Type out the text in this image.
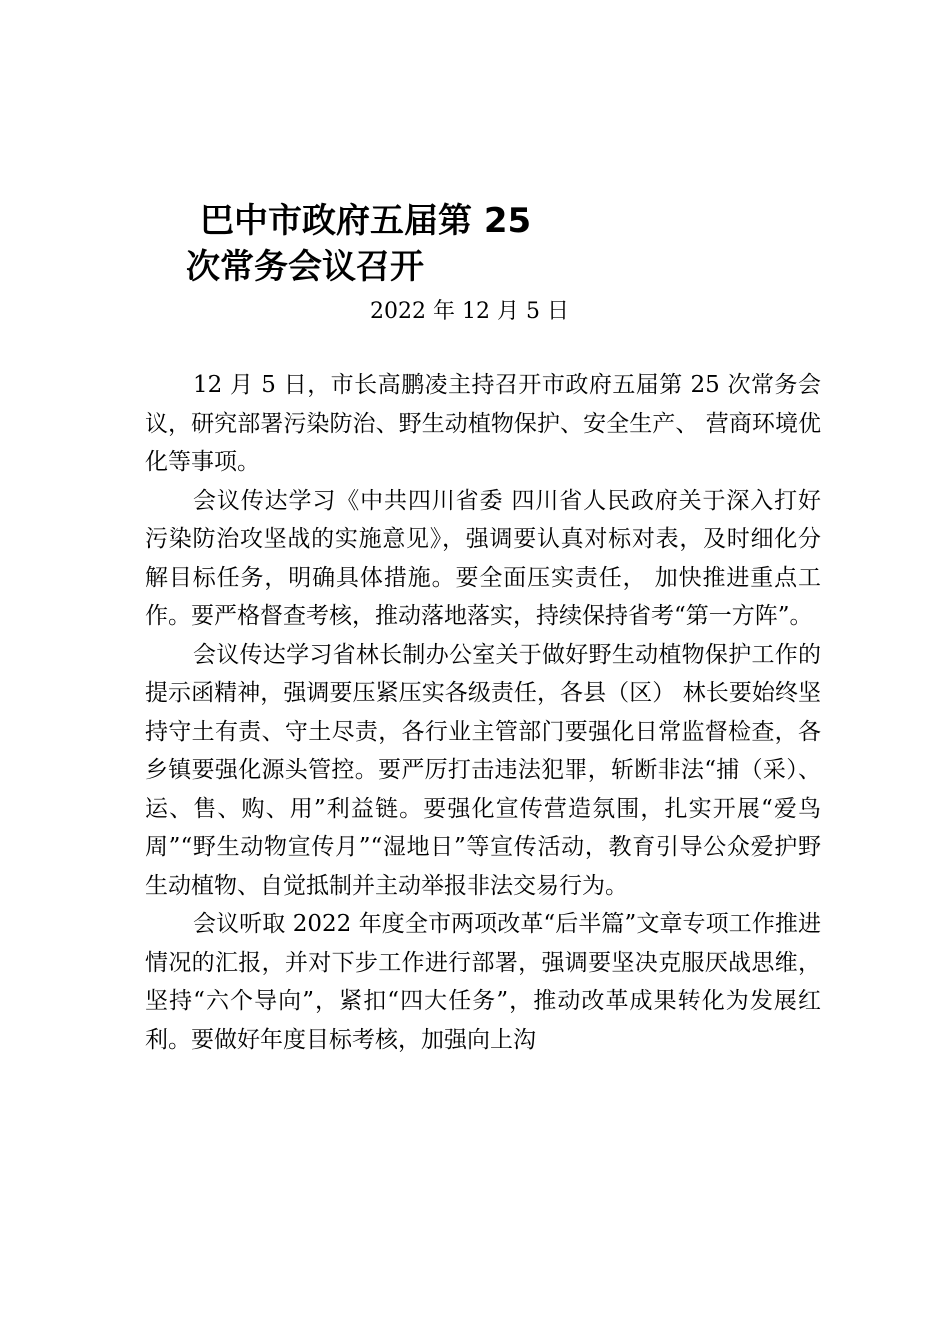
巴中市政府五届第 25
次常务会议召开
2022 年 12 月 5 日

12 月 5 日，市长高鹏凌主持召开市政府五届第 25 次常务会议，研究部署污染防治、野生动植物保护、安全生产、 营商环境优化等事项。

会议传达学习《中共四川省委 四川省人民政府关于深入打好污染防治攻坚战的实施意见》，强调要认真对标对表，及时细化分解目标任务，明确具体措施。要全面压实责任， 加快推进重点工作。要严格督查考核，推动落地落实，持续保持省考“第一方阵”。

会议传达学习省林长制办公室关于做好野生动植物保护工作的提示函精神，强调要压紧压实各级责任，各县（区） 林长要始终坚持守土有责、守土尽责，各行业主管部门要强化日常监督检查，各乡镇要强化源头管控。要严厉打击违法犯罪，斩断非法“捕（采）、运、售、购、用”利益链。要强化宣传营造氛围，扎实开展“爱鸟周”“野生动物宣传月”“湿地日”等宣传活动，教育引导公众爱护野生动植物、自觉抵制并主动举报非法交易行为。

会议听取 2022 年度全市两项改革“后半篇”文章专项工作推进情况的汇报，并对下步工作进行部署，强调要坚决克服厌战思维，坚持“六个导向”，紧扣“四大任务”，推动改革成果转化为发展红利。要做好年度目标考核，加强向上沟
